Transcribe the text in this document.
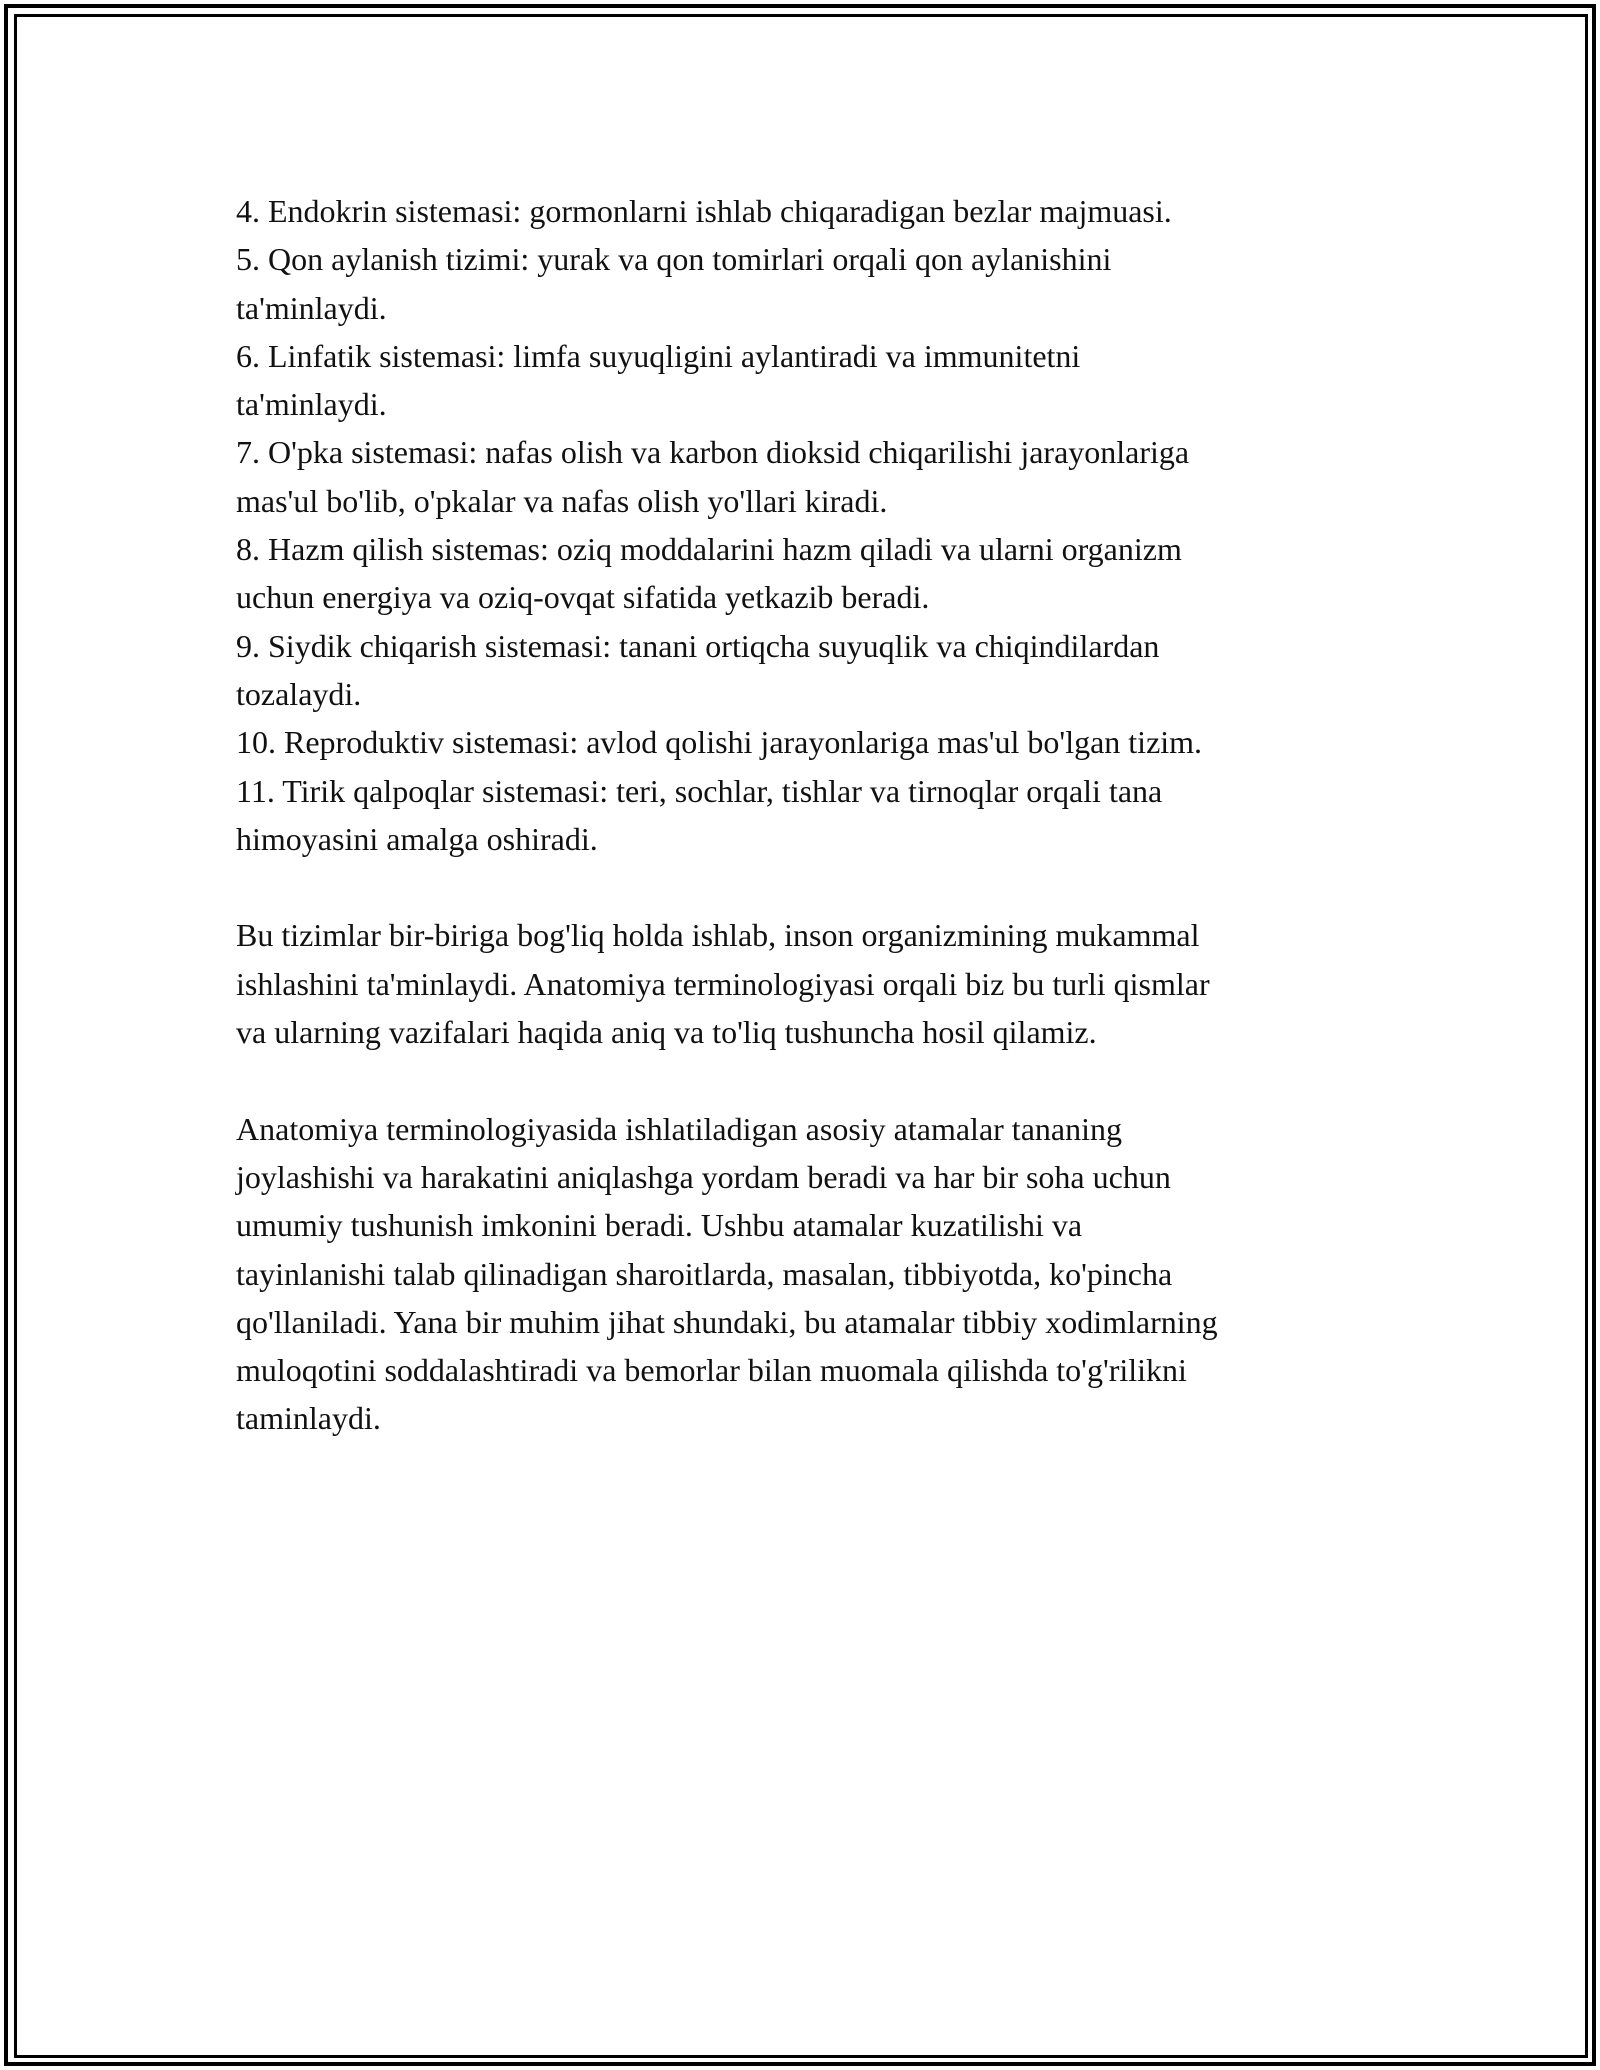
4. Endokrin sistemasi: gormonlarni ishlab chiqaradigan bezlar majmuasi.

5. Qon aylanish tizimi: yurak va qon tomirlari orqali qon aylanishini
ta'minlaydi.

6. Linfatik sistemasi: limfa suyuqligini aylantiradi va immunitetni
ta'minlaydi.

7. O'pka sistemasi: nafas olish va karbon dioksid chiqarilishi jarayonlariga
mas'ul bo'lib, o'pkalar va nafas olish yo'llari kiradi.

8. Hazm qilish sistemas: oziq moddalarini hazm qiladi va ularni organizm
uchun energiya va oziq-ovqat sifatida yetkazib beradi.

9. Siydik chiqarish sistemasi: tanani ortiqcha suyuqlik va chiqindilardan
tozalaydi.

10. Reproduktiv sistemasi: avlod qolishi jarayonlariga mas'ul bo'lgan tizim.

11. Tirik qalpoqlar sistemasi: teri, sochlar, tishlar va tirnoqlar orqali tana
himoyasini amalga oshiradi.

Bu tizimlar bir-biriga bog'liq holda ishlab, inson organizmining mukammal
ishlashini ta'minlaydi. Anatomiya terminologiyasi orqali biz bu turli qismlar
va ularning vazifalari haqida aniq va to'liq tushuncha hosil qilamiz.

Anatomiya terminologiyasida ishlatiladigan asosiy atamalar tananing
joylashishi va harakatini aniqlashga yordam beradi va har bir soha uchun
umumiy tushunish imkonini beradi. Ushbu atamalar kuzatilishi va
tayinlanishi talab qilinadigan sharoitlarda, masalan, tibbiyotda, ko'pincha
qo'llaniladi. Yana bir muhim jihat shundaki, bu atamalar tibbiy xodimlarning
muloqotini soddalashtiradi va bemorlar bilan muomala qilishda to'g'rilikni
taminlaydi.
